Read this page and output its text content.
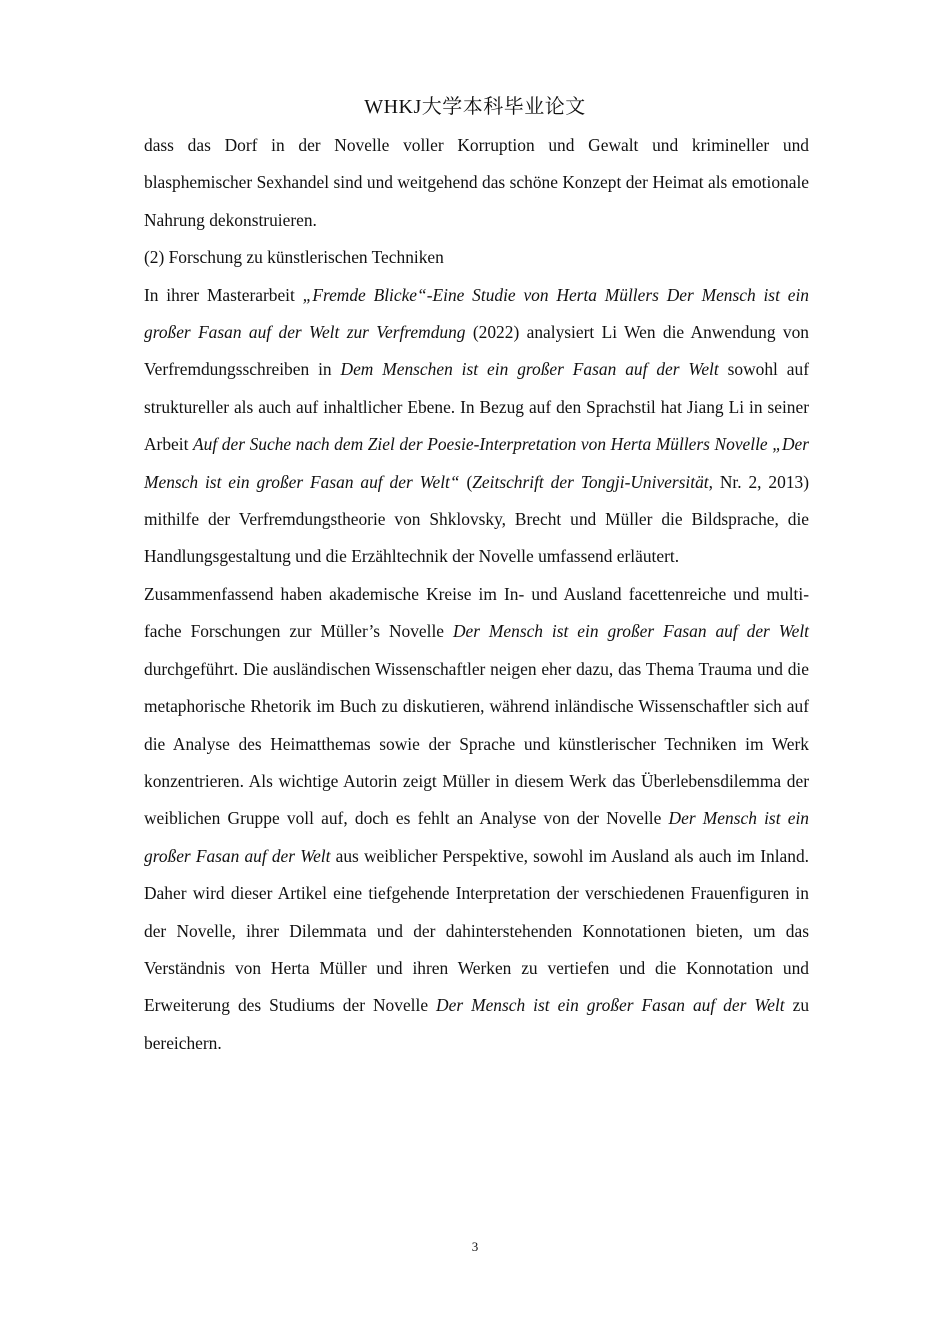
WHKJ大学本科毕业论文

dass das Dorf in der Novelle voller Korruption und Gewalt und krimineller und blasphemischer Sexhandel sind und weitgehend das schöne Konzept der Heimat als emotionale Nahrung dekonstruieren.

(2) Forschung zu künstlerischen Techniken

In ihrer Masterarbeit „Fremde Blicke“-Eine Studie von Herta Müllers Der Mensch ist ein großer Fasan auf der Welt zur Verfremdung (2022) analysiert Li Wen die Anwendung von Verfremdungsschreiben in Dem Menschen ist ein großer Fasan auf der Welt sowohl auf struktureller als auch auf inhaltlicher Ebene. In Bezug auf den Sprachstil hat Jiang Li in seiner Arbeit Auf der Suche nach dem Ziel der Poesie-Interpretation von Herta Müllers Novelle „Der Mensch ist ein großer Fasan auf der Welt“ (Zeitschrift der Tongji-Universität, Nr. 2, 2013) mithilfe der Verfremdungstheorie von Shklovsky, Brecht und Müller die Bildsprache, die Handlungsgestaltung und die Erzähltechnik der Novelle umfassend erläutert.

Zusammenfassend haben akademische Kreise im In- und Ausland facettenreiche und multi-fache Forschungen zur Müller’s Novelle Der Mensch ist ein großer Fasan auf der Welt durchgeführt. Die ausländischen Wissenschaftler neigen eher dazu, das Thema Trauma und die metaphorische Rhetorik im Buch zu diskutieren, während inländische Wissenschaftler sich auf die Analyse des Heimatthemas sowie der Sprache und künstlerischer Techniken im Werk konzentrieren. Als wichtige Autorin zeigt Müller in diesem Werk das Überlebensdilemma der weiblichen Gruppe voll auf, doch es fehlt an Analyse von der Novelle Der Mensch ist ein großer Fasan auf der Welt aus weiblicher Perspektive, sowohl im Ausland als auch im Inland. Daher wird dieser Artikel eine tiefgehende Interpretation der verschiedenen Frauenfiguren in der Novelle, ihrer Dilemmata und der dahinterstehenden Konnotationen bieten, um das Verständnis von Herta Müller und ihren Werken zu vertiefen und die Konnotation und Erweiterung des Studiums der Novelle Der Mensch ist ein großer Fasan auf der Welt zu bereichern.

3
